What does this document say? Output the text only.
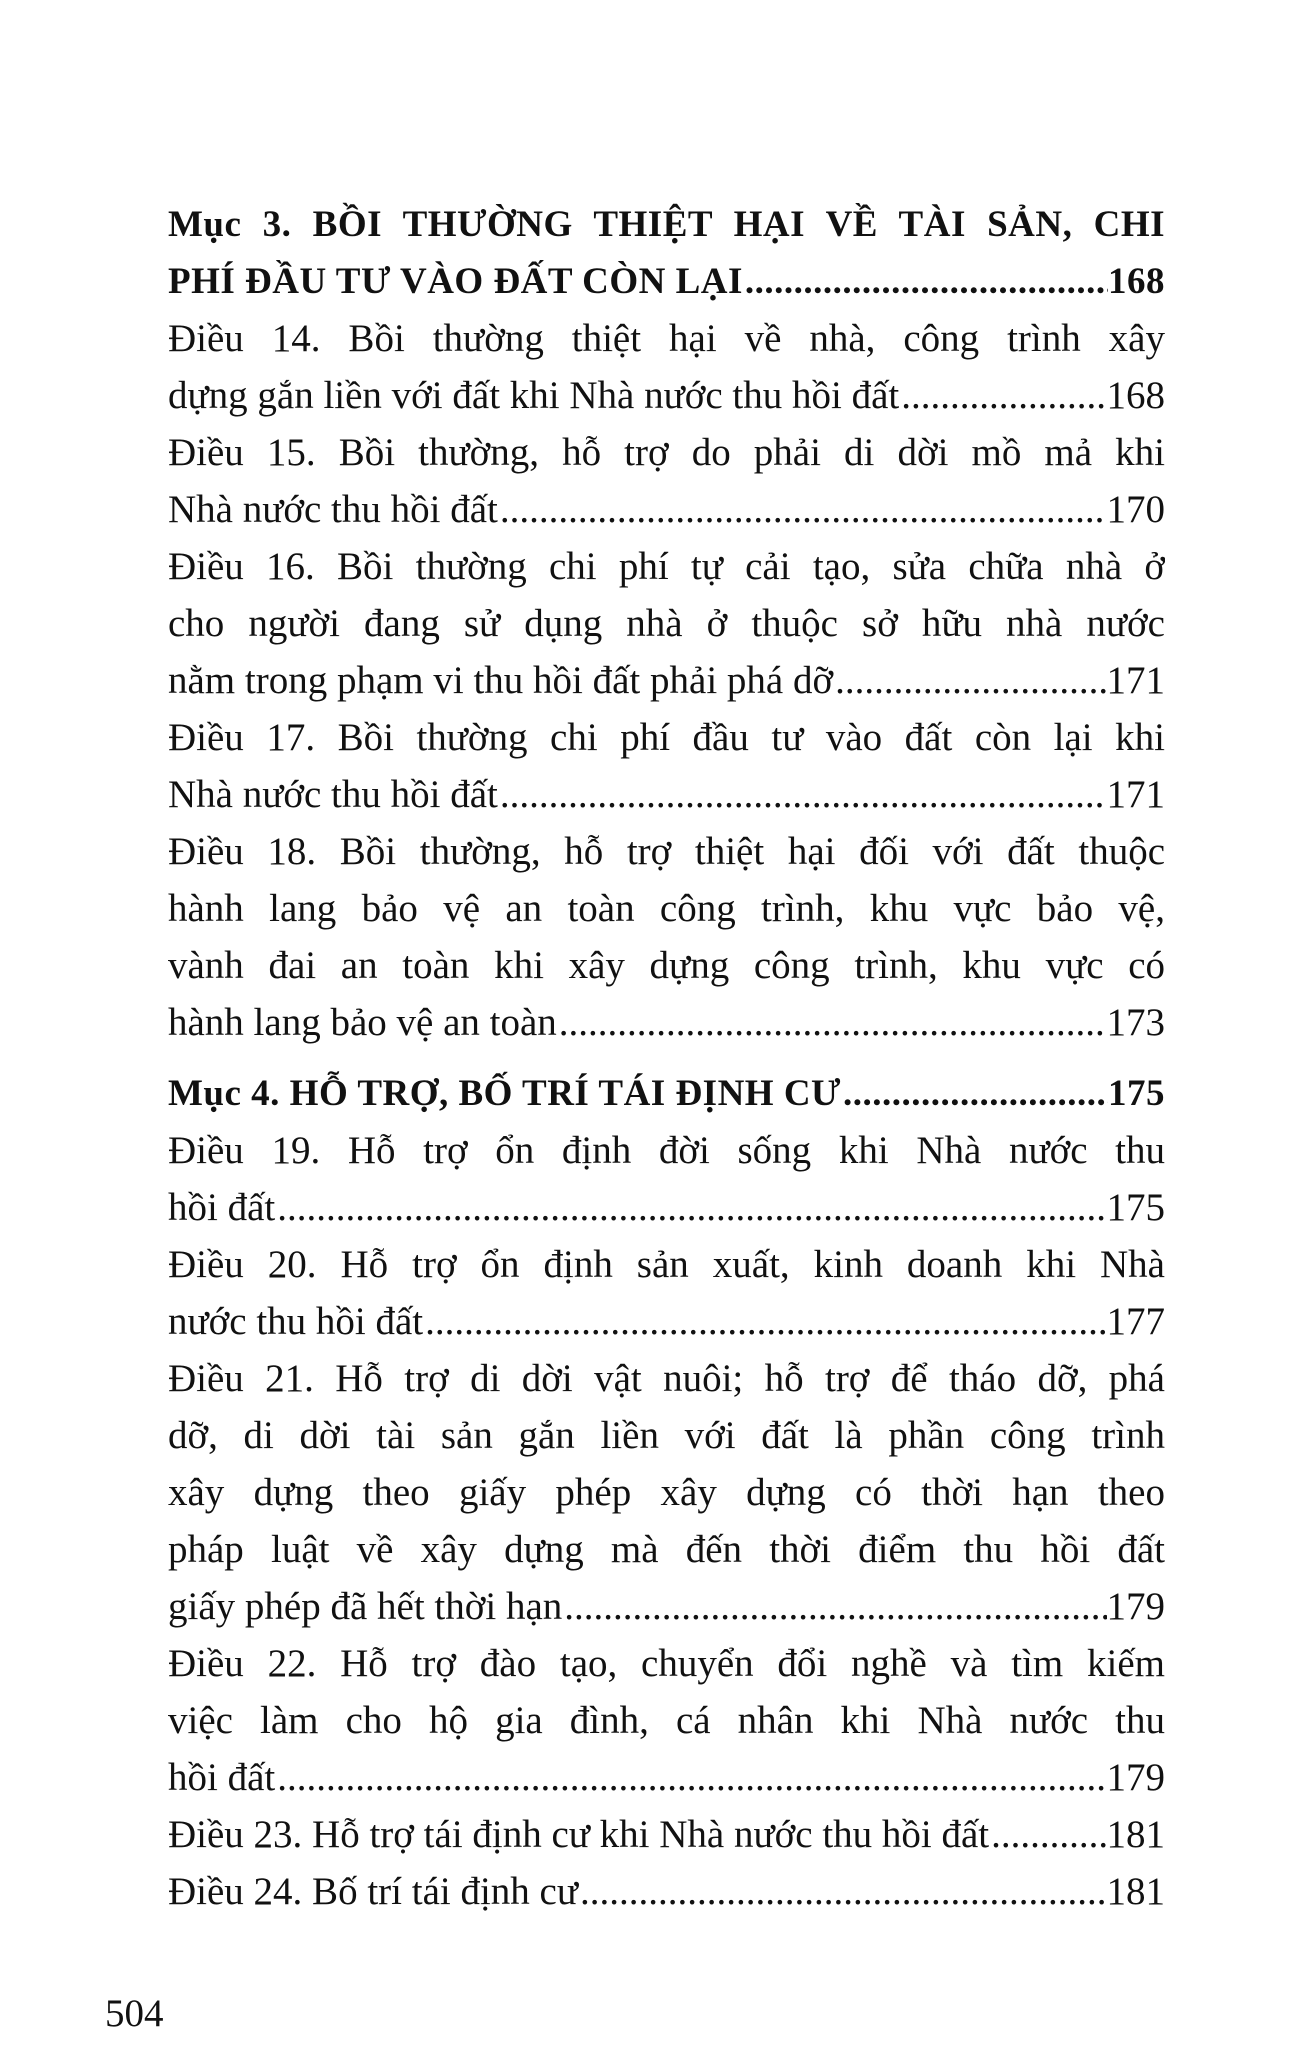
Mục 3. BỒI THƯỜNG THIỆT HẠI VỀ TÀI SẢN, CHI
PHÍ ĐẦU TƯ VÀO ĐẤT CÒN LẠI .....	168
Điều 14. Bồi thường thiệt hại về nhà, công trình xây
dựng gắn liền với đất khi Nhà nước thu hồi đất .....	168
Điều 15. Bồi thường, hỗ trợ do phải di dời mồ mả khi
Nhà nước thu hồi đất .....	170
Điều 16. Bồi thường chi phí tự cải tạo, sửa chữa nhà ở
cho người đang sử dụng nhà ở thuộc sở hữu nhà nước
nằm trong phạm vi thu hồi đất phải phá dỡ .....	171
Điều 17. Bồi thường chi phí đầu tư vào đất còn lại khi
Nhà nước thu hồi đất .....	171
Điều 18. Bồi thường, hỗ trợ thiệt hại đối với đất thuộc
hành lang bảo vệ an toàn công trình, khu vực bảo vệ,
vành đai an toàn khi xây dựng công trình, khu vực có
hành lang bảo vệ an toàn .....	173
Mục 4. HỖ TRỢ, BỐ TRÍ TÁI ĐỊNH CƯ .....	175
Điều 19. Hỗ trợ ổn định đời sống khi Nhà nước thu
hồi đất .....	175
Điều 20. Hỗ trợ ổn định sản xuất, kinh doanh khi Nhà
nước thu hồi đất .....	177
Điều 21. Hỗ trợ di dời vật nuôi; hỗ trợ để tháo dỡ, phá
dỡ, di dời tài sản gắn liền với đất là phần công trình
xây dựng theo giấy phép xây dựng có thời hạn theo
pháp luật về xây dựng mà đến thời điểm thu hồi đất
giấy phép đã hết thời hạn .....	179
Điều 22. Hỗ trợ đào tạo, chuyển đổi nghề và tìm kiếm
việc làm cho hộ gia đình, cá nhân khi Nhà nước thu
hồi đất .....	179
Điều 23. Hỗ trợ tái định cư khi Nhà nước thu hồi đất .....	181
Điều 24. Bố trí tái định cư .....	181
504
